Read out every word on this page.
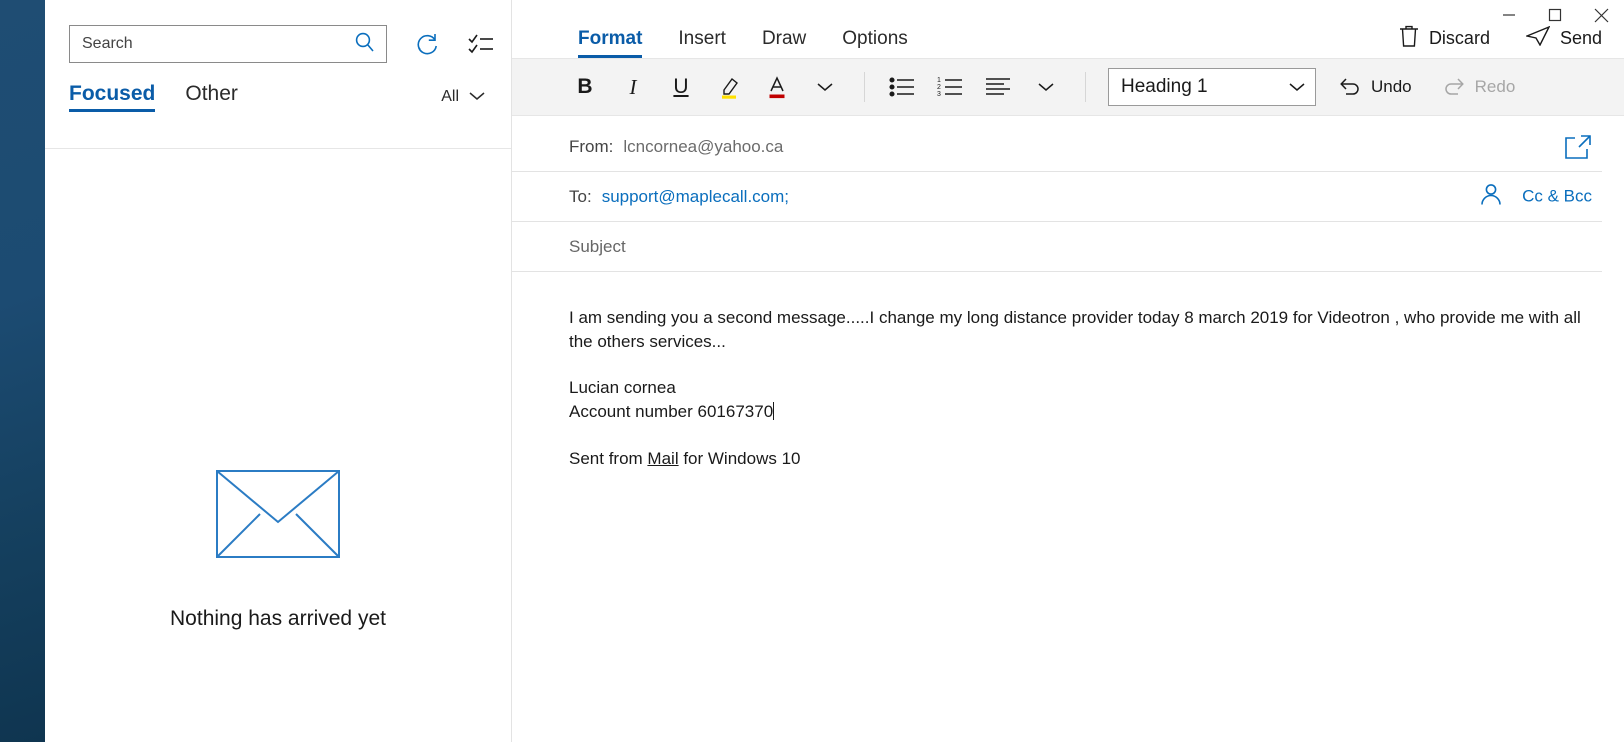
Search
Focused Other	All
Nothing has arrived yet
Format Insert Draw Options	Discard	Send
B	I	U	1
2
3	Heading 1	Undo	Redo
From: lcncornea@yahoo.ca
To: support@maplecall.com;	Cc & Bcc
Subject

I am sending you a second message.....I change my long distance provider today 8 march 2019 for Videotron , who provide me with all the others services...

Lucian cornea

Account number 60167370

Sent from Mail for Windows 10
